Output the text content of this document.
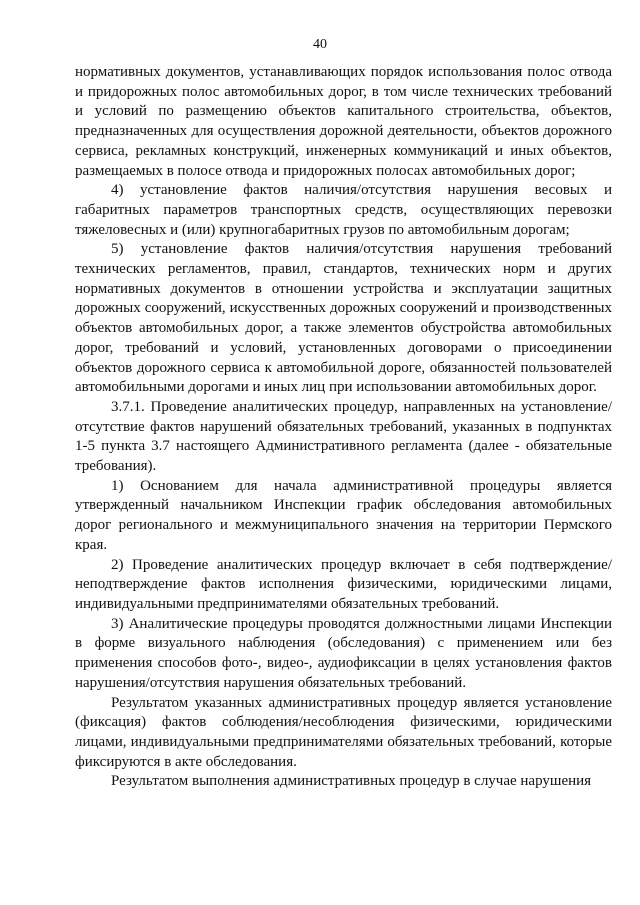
40

нормативных документов, устанавливающих порядок использования полос отвода и придорожных полос автомобильных дорог, в том числе технических требований и условий по размещению объектов капитального строительства, объектов, предназначенных для осуществления дорожной деятельности, объектов дорожного сервиса, рекламных конструкций, инженерных коммуникаций и иных объектов, размещаемых в полосе отвода и придорожных полосах автомобильных дорог;

4) установление фактов наличия/отсутствия нарушения весовых и габаритных параметров транспортных средств, осуществляющих перевозки тяжеловесных и (или) крупногабаритных грузов по автомобильным дорогам;

5) установление фактов наличия/отсутствия нарушения требований технических регламентов, правил, стандартов, технических норм и других нормативных документов в отношении устройства и эксплуатации защитных дорожных сооружений, искусственных дорожных сооружений и производственных объектов автомобильных дорог, а также элементов обустройства автомобильных дорог, требований и условий, установленных договорами о присоединении объектов дорожного сервиса к автомобильной дороге, обязанностей пользователей автомобильными дорогами и иных лиц при использовании автомобильных дорог.

3.7.1. Проведение аналитических процедур, направленных на установление/отсутствие фактов нарушений обязательных требований, указанных в подпунктах 1-5 пункта 3.7 настоящего Административного регламента (далее - обязательные требования).

1) Основанием для начала административной процедуры является утвержденный начальником Инспекции график обследования автомобильных дорог регионального и межмуниципального значения на территории Пермского края.

2) Проведение аналитических процедур включает в себя подтверждение/неподтверждение фактов исполнения физическими, юридическими лицами, индивидуальными предпринимателями обязательных требований.

3) Аналитические процедуры проводятся должностными лицами Инспекции в форме визуального наблюдения (обследования) с применением или без применения способов фото-, видео-, аудиофиксации в целях установления фактов нарушения/отсутствия нарушения обязательных требований.

Результатом указанных административных процедур является установление (фиксация) фактов соблюдения/несоблюдения физическими, юридическими лицами, индивидуальными предпринимателями обязательных требований, которые фиксируются в акте обследования.

Результатом выполнения административных процедур в случае нарушения
